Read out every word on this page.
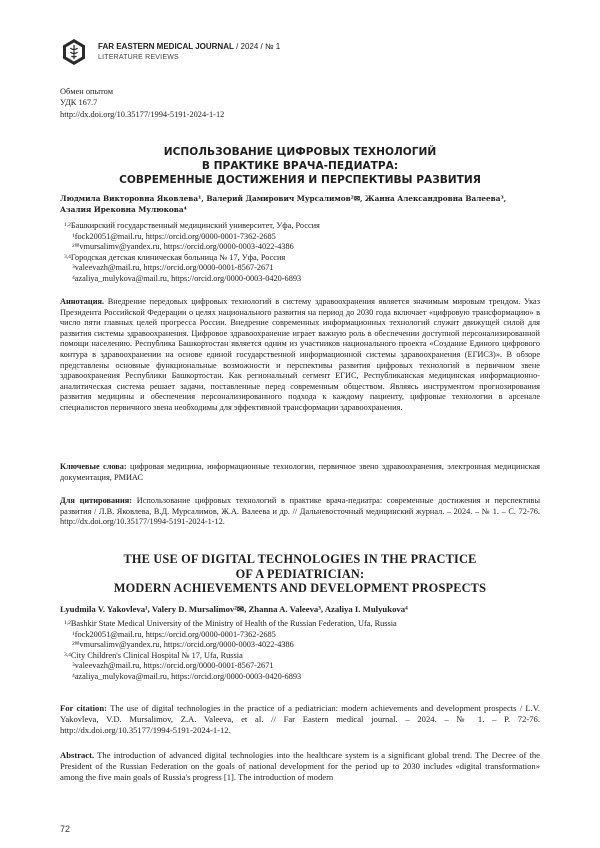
FAR EASTERN MEDICAL JOURNAL / 2024 / № 1
LITERATURE REVIEWS
Обмен опытом
УДК 167.7
http://dx.doi.org/10.35177/1994-5191-2024-1-12
ИСПОЛЬЗОВАНИЕ ЦИФРОВЫХ ТЕХНОЛОГИЙ
В ПРАКТИКЕ ВРАЧА-ПЕДИАТРА:
СОВРЕМЕННЫЕ ДОСТИЖЕНИЯ И ПЕРСПЕКТИВЫ РАЗВИТИЯ
Людмила Викторовна Яковлева¹, Валерий Дамирович Мурсалимов²✉, Жанна Александровна Валеева³,
Азалия Ирековна Мулюкова⁴
$^{1,2}$Башкирский государственный медицинский университет, Уфа, Россия
$^1$fock20051@mail.ru, https://orcid.org/0000-0001-7362-2685
$^{2✉}$vmursalimv@yandex.ru, https://orcid.org/0000-0003-4022-4386
$^{3,4}$Городская детская клиническая больница № 17, Уфа, Россия
$^3$valeevazh@mail.ru, https://orcid.org/0000-0001-8567-2671
$^4$azaliya_mulykova@mail.ru, https://orcid.org/0000-0003-0420-6893
Аннотация. Внедрение передовых цифровых технологий в систему здравоохранения является значимым мировым трендом. Указ Президента Российской Федерации о целях национального развития на период до 2030 года включает «цифровую трансформацию» в число пяти главных целей прогресса России. Внедрение современных информационных технологий служит движущей силой для развития системы здравоохранения. Цифровое здравоохранение играет важную роль в обеспечении доступной персонализированной помощи населению. Республика Башкортостан является одним из участников национального проекта «Создание Единого цифрового контура в здравоохранении на основе единой государственной информационной системы здравоохранения (ЕГИСЗ)». В обзоре представлены основные функциональные возможности и перспективы развития цифровых технологий в первичном звене здравоохранения Республики Башкортостан. Как региональный сегмент ЕГИС, Республиканская медицинская информационно-аналитическая система решает задачи, поставленные перед современным обществом. Являясь инструментом прогнозирования развития медицины и обеспечения персонализированного подхода к каждому пациенту, цифровые технологии в арсенале специалистов первичного звена необходимы для эффективной трансформации здравоохранения.
Ключевые слова: цифровая медицина, информационные технологии, первичное звено здравоохранения, электронная медицинская документация, РМИАС
Для цитирования: Использование цифровых технологий в практике врача-педиатра: современные достижения и перспективы развития / Л.В. Яковлева, В.Д. Мурсалимов, Ж.А. Валеева и др. // Дальневосточный медицинский журнал. – 2024. – № 1. – С. 72-76. http://dx.doi.org/10.35177/1994-5191-2024-1-12.
THE USE OF DIGITAL TECHNOLOGIES IN THE PRACTICE
OF A PEDIATRICIAN:
MODERN ACHIEVEMENTS AND DEVELOPMENT PROSPECTS
Lyudmila V. Yakovleva¹, Valery D. Mursalimov²✉, Zhanna A. Valeeva³, Azaliya I. Mulyukova⁴
$^{1,2}$Bashkir State Medical University of the Ministry of Health of the Russian Federation, Ufa, Russia
$^1$fock20051@mail.ru, https://orcid.org/0000-0001-7362-2685
$^{2✉}$vmursalimv@yandex.ru, https://orcid.org/0000-0003-4022-4386
$^{3,4}$City Children's Clinical Hospital № 17, Ufa, Russia
$^3$valeevazh@mail.ru, https://orcid.org/0000-0001-8567-2671
$^4$azaliya_mulykova@mail.ru, https://orcid.org/0000-0003-0420-6893
For citation: The use of digital technologies in the practice of a pediatrician: modern achievements and development prospects / L.V. Yakovleva, V.D. Mursalimov, Z.A. Valeeva, et al. // Far Eastern medical journal. – 2024. – № 1. – P. 72-76. http://dx.doi.org/10.35177/1994-5191-2024-1-12.
Abstract. The introduction of advanced digital technologies into the healthcare system is a significant global trend. The Decree of the President of the Russian Federation on the goals of national development for the period up to 2030 includes «digital transformation» among the five main goals of Russia's progress [1]. The introduction of modern
72
